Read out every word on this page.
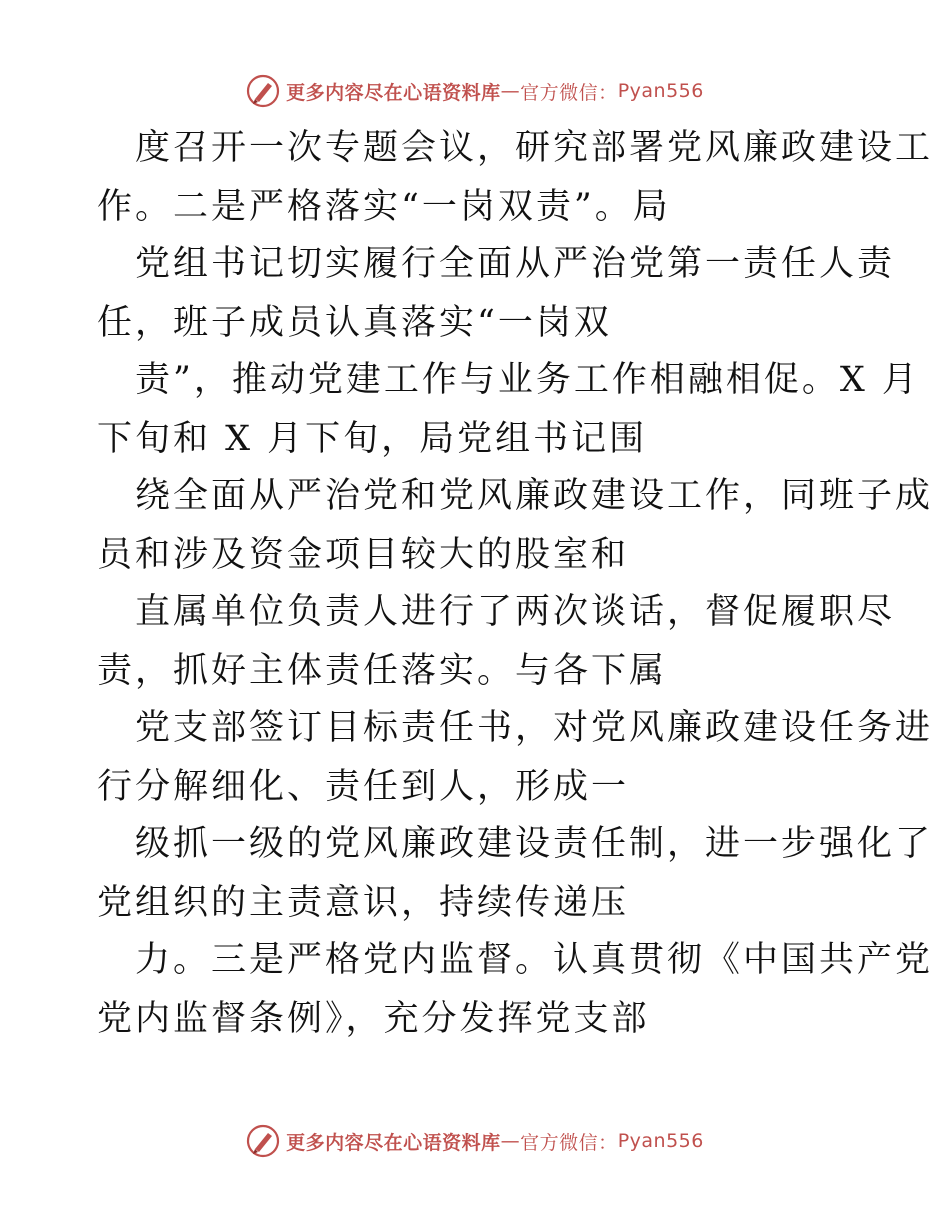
更多内容尽在心语资料库 — 官方微信： Pyan556
度召开一次专题会议，研究部署党风廉政建设工
作。二是严格落实“一岗双责”。局
党组书记切实履行全面从严治党第一责任人责
任，班子成员认真落实“一岗双
责”，推动党建工作与业务工作相融相促。X 月
下旬和 X 月下旬，局党组书记围
绕全面从严治党和党风廉政建设工作，同班子成
员和涉及资金项目较大的股室和
直属单位负责人进行了两次谈话，督促履职尽
责，抓好主体责任落实。与各下属
党支部签订目标责任书，对党风廉政建设任务进
行分解细化、责任到人，形成一
级抓一级的党风廉政建设责任制，进一步强化了
党组织的主责意识，持续传递压
力。三是严格党内监督。认真贯彻《中国共产党
党内监督条例》，充分发挥党支部
更多内容尽在心语资料库 — 官方微信： Pyan556
